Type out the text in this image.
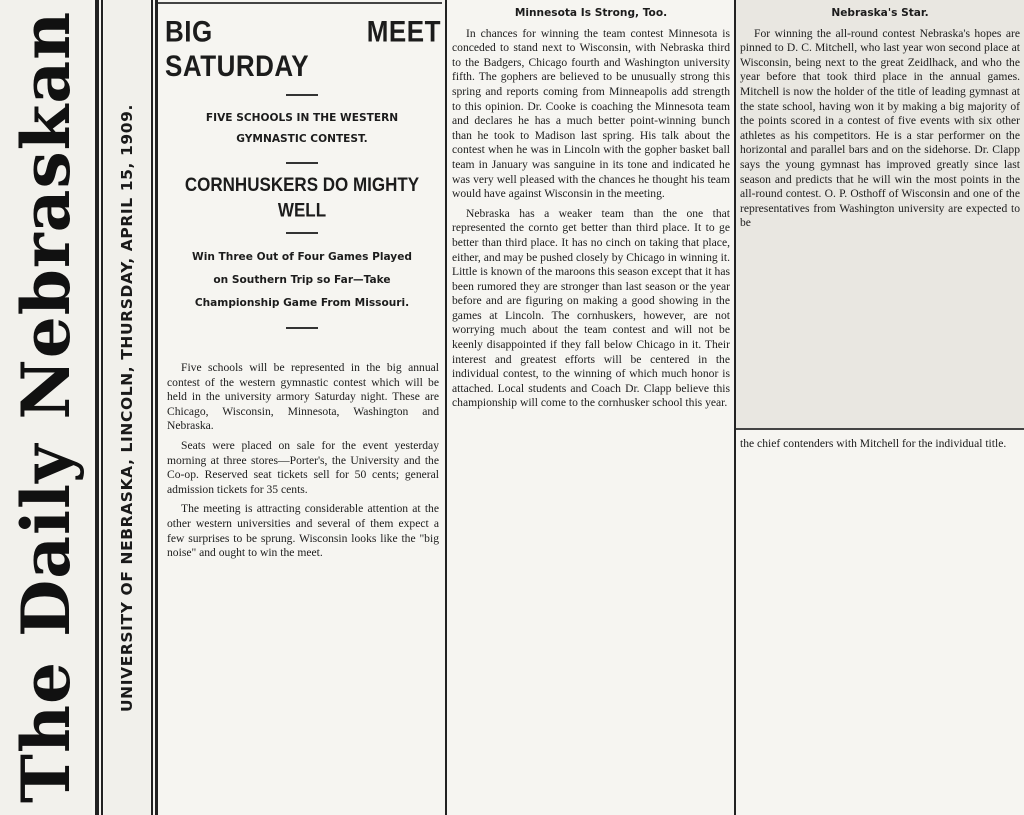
The Daily Nebraskan UNIVERSITY OF NEBRASKA, LINCOLN, THURSDAY, APRIL 15, 1909.
BIG MEET SATURDAY
FIVE SCHOOLS IN THE WESTERN GYMNASTIC CONTEST.
CORNHUSKERS DO MIGHTY WELL
Win Three Out of Four Games Played on Southern Trip so Far—Take Championship Game From Missouri.

Five schools will be represented in the big annual contest of the western gymnastic contest which will be held in the university armory Saturday night. These are Chicago, Wisconsin, Minnesota, Washington and Nebraska.

Seats were placed on sale for the event yesterday morning at three stores—Porter's, the University and the Co-op. Reserved seat tickets sell for 50 cents; general admission tickets for 35 cents.

The meeting is attracting considerable attention at the other western universities and several of them expect a few surprises to be sprung. Wisconsin looks like the "big noise" and ought to win the meet.

Minnesota Is Strong, Too.

In chances for winning the team contest Minnesota is conceded to stand next to Wisconsin, with Nebraska third to the Badgers, Chicago fourth and Washington university fifth. The gophers are believed to be unusually strong this spring and reports coming from Minneapolis add strength to this opinion. Dr. Cooke is coaching the Minnesota team and declares he has a much better point-winning bunch than he took to Madison last spring. His talk about the contest when he was in Lincoln with the gopher basket ball team in January was sanguine in its tone and indicated he was very well pleased with the chances he thought his team would have against Wisconsin in the meeting.

Nebraska has a weaker team than the one that represented the cornto get better than third place. It to ge better than third place. It has no cinch on taking that place, either, and may be pushed closely by Chicago in winning it. Little is known of the maroons this season except that it has been rumored they are stronger than last season or the year before and are figuring on making a good showing in the games at Lincoln. The cornhuskers, however, are not worrying much about the team contest and will not be keenly disappointed if they fall below Chicago in it. Their interest and greatest efforts will be centered in the individual contest, to the winning of which much honor is attached. Local students and Coach Dr. Clapp believe this championship will come to the cornhusker school this year.

Nebraska's Star.

For winning the all-round contest Nebraska's hopes are pinned to D. C. Mitchell, who last year won second place at Wisconsin, being next to the great Zeidlhack, and who the year before that took third place in the annual games. Mitchell is now the holder of the title of leading gymnast at the state school, having won it by making a big majority of the points scored in a contest of five events with six other athletes as his competitors. He is a star performer on the horizontal and parallel bars and on the sidehorse. Dr. Clapp says the young gymnast has improved greatly since last season and predicts that he will win the most points in the all-round contest. O. P. Osthoff of Wisconsin and one of the representatives from Washington university are expected to be

the chief contenders with Mitchell for the individual title.
